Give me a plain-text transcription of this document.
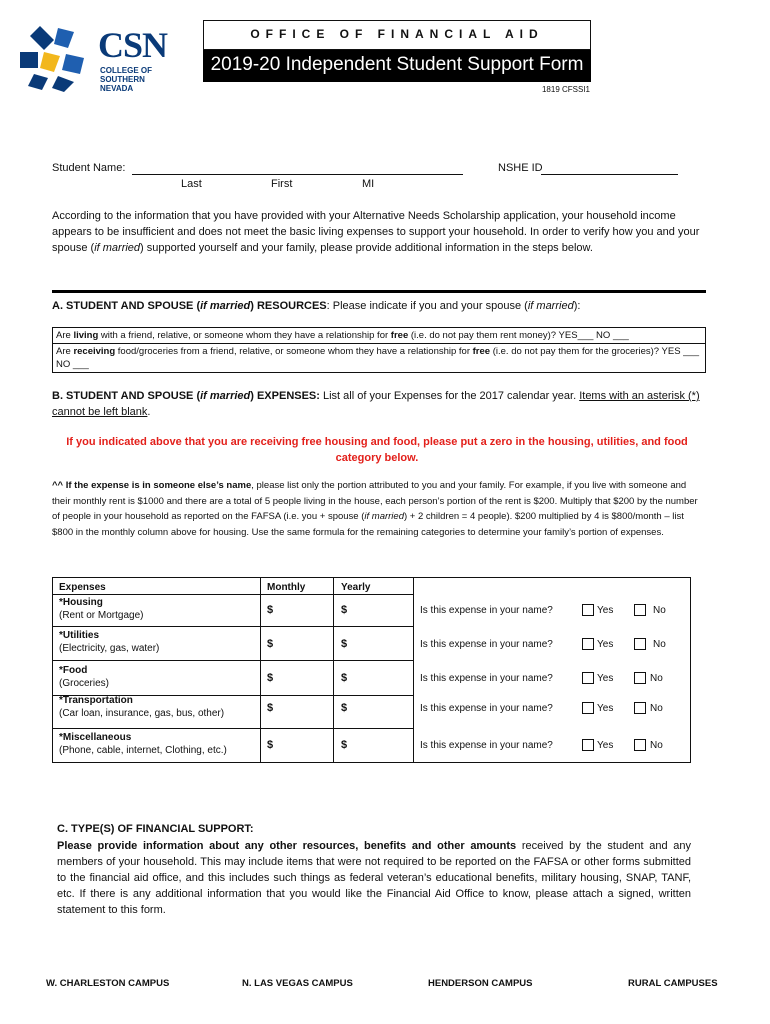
CSN
COLLEGE OF
SOUTHERN NEVADA
OFFICE OF FINANCIAL AID
2019-20 Independent Student Support Form
1819 CFSSI1
Student Name:	NSHE ID
Last	First	MI

According to the information that you have provided with your Alternative Needs Scholarship application, your household income appears to be insufficient and does not meet the basic living expenses to support your household. In order to verify how you and your spouse (if married) supported yourself and your family, please provide additional information in the steps below.

A. STUDENT AND SPOUSE (if married) RESOURCES: Please indicate if you and your spouse (if married):

Are living with a friend, relative, or someone whom they have a relationship for free (i.e. do not pay them rent money)? YES___ NO ___
Are receiving food/groceries from a friend, relative, or someone whom they have a relationship for free (i.e. do not pay them for the groceries)? YES ___ NO ___

B. STUDENT AND SPOUSE (if married) EXPENSES: List all of your Expenses for the 2017 calendar year. Items with an asterisk (*) cannot be left blank.

If you indicated above that you are receiving free housing and food, please put a zero in the housing, utilities, and food
category below.

^^ If the expense is in someone else’s name, please list only the portion attributed to you and your family. For example, if you live with someone and their monthly rent is $1000 and there are a total of 5 people living in the house, each person’s portion of the rent is $200. Multiply that $200 by the number of people in your household as reported on the FAFSA (i.e. you + spouse (if married) + 2 children = 4 people). $200 multiplied by 4 is $800/month – list $800 in the monthly column above for housing. Use the same formula for the remaining categories to determine your family’s portion of expenses.

Expenses	Monthly	Yearly
*Housing
(Rent or Mortgage)	$	$	Is this expense in your name?	Yes	No
*Utilities
(Electricity, gas, water)	$	$	Is this expense in your name?	Yes	No
*Food
(Groceries)	$	$	Is this expense in your name?	Yes	No
*Transportation
(Car loan, insurance, gas, bus, other)	$	$	Is this expense in your name?	Yes	No
*Miscellaneous
(Phone, cable, internet, Clothing, etc.)	$	$	Is this expense in your name?	Yes	No
C. TYPE(S) OF FINANCIAL SUPPORT:

Please provide information about any other resources, benefits and other amounts received by the student and any members of your household. This may include items that were not required to be reported on the FAFSA or other forms submitted to the financial aid office, and this includes such things as federal veteran’s educational benefits, military housing, SNAP, TANF, etc. If there is any additional information that you would like the Financial Aid Office to know, please attach a signed, written statement to this form.

W. CHARLESTON CAMPUS	N. LAS VEGAS CAMPUS	HENDERSON CAMPUS	RURAL CAMPUSES
